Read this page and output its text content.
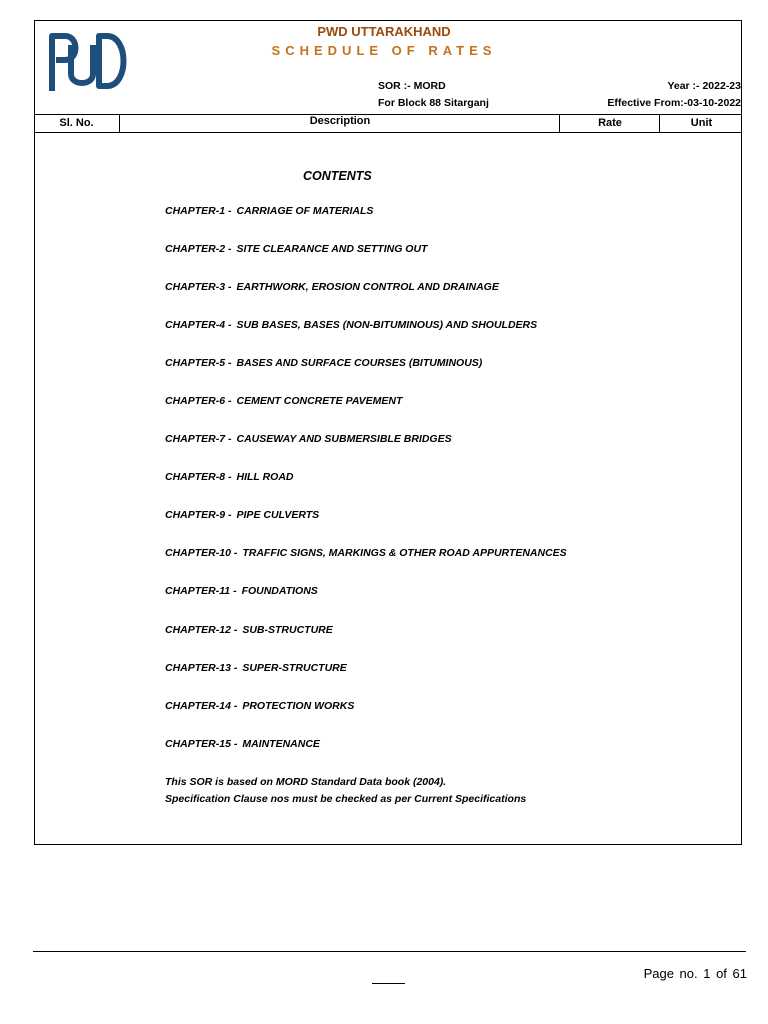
PWD UTTARAKHAND
SCHEDULE OF RATES
SOR :- MORD
For Block 88 Sitarganj
Year :- 2022-23
Effective From:-03-10-2022
Sl. No.	Description	Rate	Unit
CONTENTS
CHAPTER-1 - CARRIAGE OF MATERIALS
CHAPTER-2 - SITE CLEARANCE AND SETTING OUT
CHAPTER-3 - EARTHWORK, EROSION CONTROL AND DRAINAGE
CHAPTER-4 - SUB BASES, BASES (NON-BITUMINOUS) AND SHOULDERS
CHAPTER-5 - BASES AND SURFACE COURSES (BITUMINOUS)
CHAPTER-6 - CEMENT CONCRETE PAVEMENT
CHAPTER-7 - CAUSEWAY AND SUBMERSIBLE BRIDGES
CHAPTER-8 - HILL ROAD
CHAPTER-9 - PIPE CULVERTS
CHAPTER-10 - TRAFFIC SIGNS, MARKINGS & OTHER ROAD APPURTENANCES
CHAPTER-11 - FOUNDATIONS
CHAPTER-12 - SUB-STRUCTURE
CHAPTER-13 - SUPER-STRUCTURE
CHAPTER-14 - PROTECTION WORKS
CHAPTER-15 - MAINTENANCE
This SOR is based on MORD Standard Data book (2004).
Specification Clause nos must be checked as per Current Specifications
Page no. 1 of 61
